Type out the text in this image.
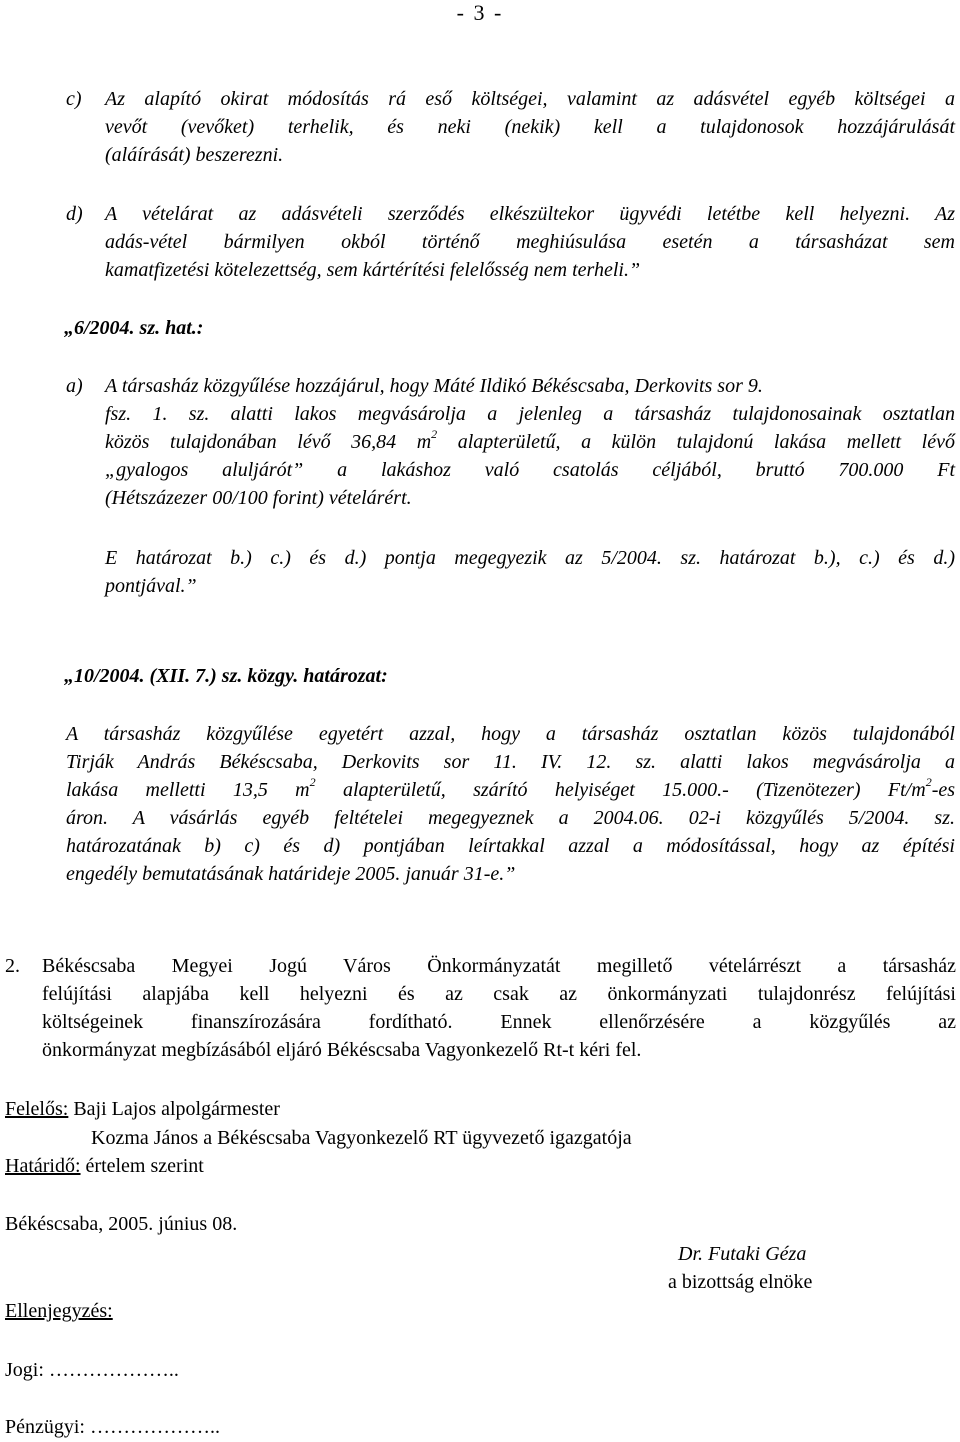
- 3 -
c) Az alapító okirat módosítás rá eső költségei, valamint az adásvétel egyéb költségei a
vevőt (vevőket) terhelik, és neki (nekik) kell a tulajdonosok hozzájárulását
(aláírását) beszerezni.
d) A vételárat az adásvételi szerződés elkészültekor ügyvédi letétbe kell helyezni. Az
adás-vétel bármilyen okból történő meghiúsulása esetén a társasházat sem
kamatfizetési kötelezettség, sem kártérítési felelősség nem terheli.”
„6/2004. sz. hat.:
a) A társasház közgyűlése hozzájárul, hogy Máté Ildikó Békéscsaba, Derkovits sor 9.
fsz. 1. sz. alatti lakos megvásárolja a jelenleg a társasház tulajdonosainak osztatlan
közös tulajdonában lévő 36,84 $m^2$ alapterületű, a külön tulajdonú lakása mellett lévő
„gyalogos aluljárót” a lakáshoz való csatolás céljából, bruttó 700.000 Ft
(Hétszázezer 00/100 forint) vételárért.
E határozat b.) c.) és d.) pontja megegyezik az 5/2004. sz. határozat b.), c.) és d.)
pontjával.”
„10/2004. (XII. 7.) sz. közgy. határozat:
A társasház közgyűlése egyetért azzal, hogy a társasház osztatlan közös tulajdonából
Tirják András Békéscsaba, Derkovits sor 11. IV. 12. sz. alatti lakos megvásárolja a
lakása melletti 13,5 $m^2$ alapterületű, szárító helyiséget 15.000.- (Tizenötezer) $Ft/m^2-es$
áron. A vásárlás egyéb feltételei megegyeznek a 2004.06. 02-i közgyűlés 5/2004. sz.
határozatának b) c) és d) pontjában leírtakkal azzal a módosítással, hogy az építési
engedély bemutatásának határideje 2005. január 31-e.”
2. Békéscsaba Megyei Jogú Város Önkormányzatát megillető vételárrészt a társasház
felújítási alapjába kell helyezni és az csak az önkormányzati tulajdonrész felújítási
költségeinek finanszírozására fordítható. Ennek ellenőrzésére a közgyűlés az
önkormányzat megbízásából eljáró Békéscsaba Vagyonkezelő Rt-t kéri fel.
Felelős: Baji Lajos alpolgármester
Kozma János a Békéscsaba Vagyonkezelő RT ügyvezető igazgatója
Határidő: értelem szerint
Békéscsaba, 2005. június 08.
Dr. Futaki Géza
a bizottság elnöke
Ellenjegyzés:
Jogi: ………………..
Pénzügyi: ………………..
